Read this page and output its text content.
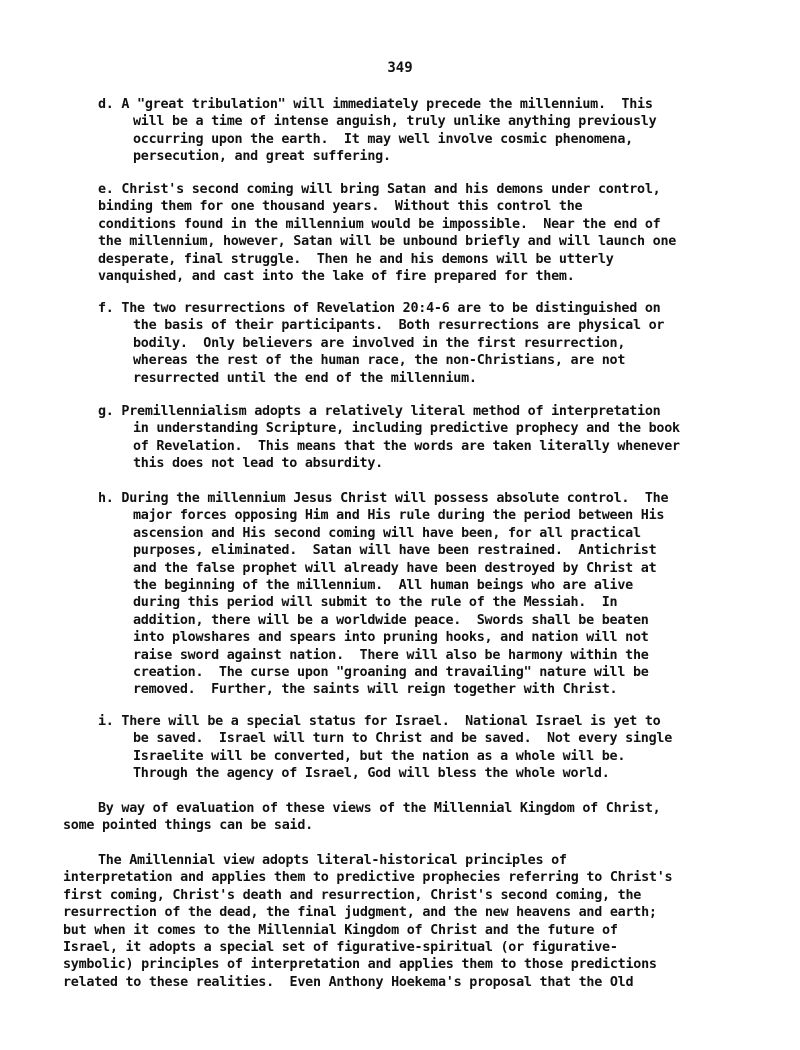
349
d. A "great tribulation" will immediately precede the millennium.  This
will be a time of intense anguish, truly unlike anything previously
occurring upon the earth.  It may well involve cosmic phenomena,
persecution, and great suffering.
e. Christ's second coming will bring Satan and his demons under control,
binding them for one thousand years.  Without this control the
conditions found in the millennium would be impossible.  Near the end of
the millennium, however, Satan will be unbound briefly and will launch one
desperate, final struggle.  Then he and his demons will be utterly
vanquished, and cast into the lake of fire prepared for them.
f. The two resurrections of Revelation 20:4-6 are to be distinguished on
the basis of their participants.  Both resurrections are physical or
bodily.  Only believers are involved in the first resurrection,
whereas the rest of the human race, the non-Christians, are not
resurrected until the end of the millennium.
g. Premillennialism adopts a relatively literal method of interpretation
in understanding Scripture, including predictive prophecy and the book
of Revelation.  This means that the words are taken literally whenever
this does not lead to absurdity.
h. During the millennium Jesus Christ will possess absolute control.  The
major forces opposing Him and His rule during the period between His
ascension and His second coming will have been, for all practical
purposes, eliminated.  Satan will have been restrained.  Antichrist
and the false prophet will already have been destroyed by Christ at
the beginning of the millennium.  All human beings who are alive
during this period will submit to the rule of the Messiah.  In
addition, there will be a worldwide peace.  Swords shall be beaten
into plowshares and spears into pruning hooks, and nation will not
raise sword against nation.  There will also be harmony within the
creation.  The curse upon "groaning and travailing" nature will be
removed.  Further, the saints will reign together with Christ.
i. There will be a special status for Israel.  National Israel is yet to
be saved.  Israel will turn to Christ and be saved.  Not every single
Israelite will be converted, but the nation as a whole will be.
Through the agency of Israel, God will bless the whole world.
By way of evaluation of these views of the Millennial Kingdom of Christ,
some pointed things can be said.
The Amillennial view adopts literal-historical principles of
interpretation and applies them to predictive prophecies referring to Christ's
first coming, Christ's death and resurrection, Christ's second coming, the
resurrection of the dead, the final judgment, and the new heavens and earth;
but when it comes to the Millennial Kingdom of Christ and the future of
Israel, it adopts a special set of figurative-spiritual (or figurative-
symbolic) principles of interpretation and applies them to those predictions
related to these realities.  Even Anthony Hoekema's proposal that the Old
